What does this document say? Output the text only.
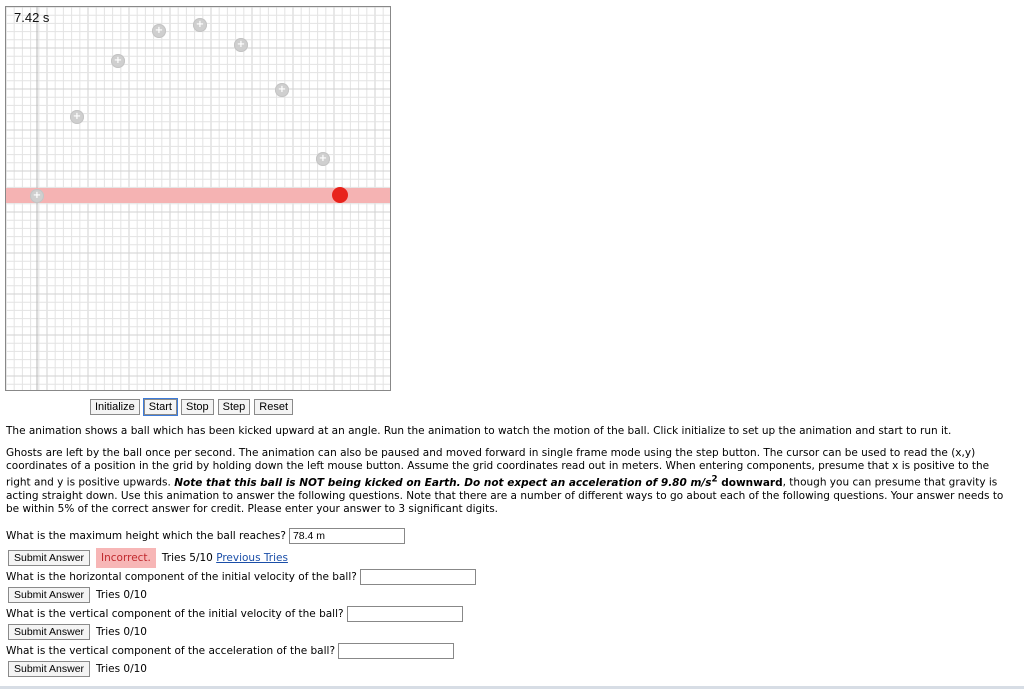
+
+
+
+
+
+
+
+
7.42 s
Initialize	Start	Stop	Step	Reset
The animation shows a ball which has been kicked upward at an angle. Run the animation to watch the motion of the ball. Click initialize to set up the animation and start to run it.
Ghosts are left by the ball once per second. The animation can also be paused and moved forward in single frame mode using the step button. The cursor can be used to read the (x,y) coordinates of a position in the grid by holding down the left mouse button. Assume the grid coordinates read out in meters. When entering components, presume that x is positive to the right and y is positive upwards. Note that this ball is NOT being kicked on Earth. Do not expect an acceleration of 9.80 $m/s^2$ downward, though you can presume that gravity is acting straight down. Use this animation to answer the following questions. Note that there are a number of different ways to go about each of the following questions. Your answer needs to be within 5% of the correct answer for credit. Please enter your answer to 3 significant digits.
What is the maximum height which the ball reaches?
78.4 m
Submit Answer	Incorrect.	Tries 5/10 Previous Tries
What is the horizontal component of the initial velocity of the ball?
Submit Answer	Tries 0/10
What is the vertical component of the initial velocity of the ball?
Submit Answer	Tries 0/10
What is the vertical component of the acceleration of the ball?
Submit Answer	Tries 0/10
